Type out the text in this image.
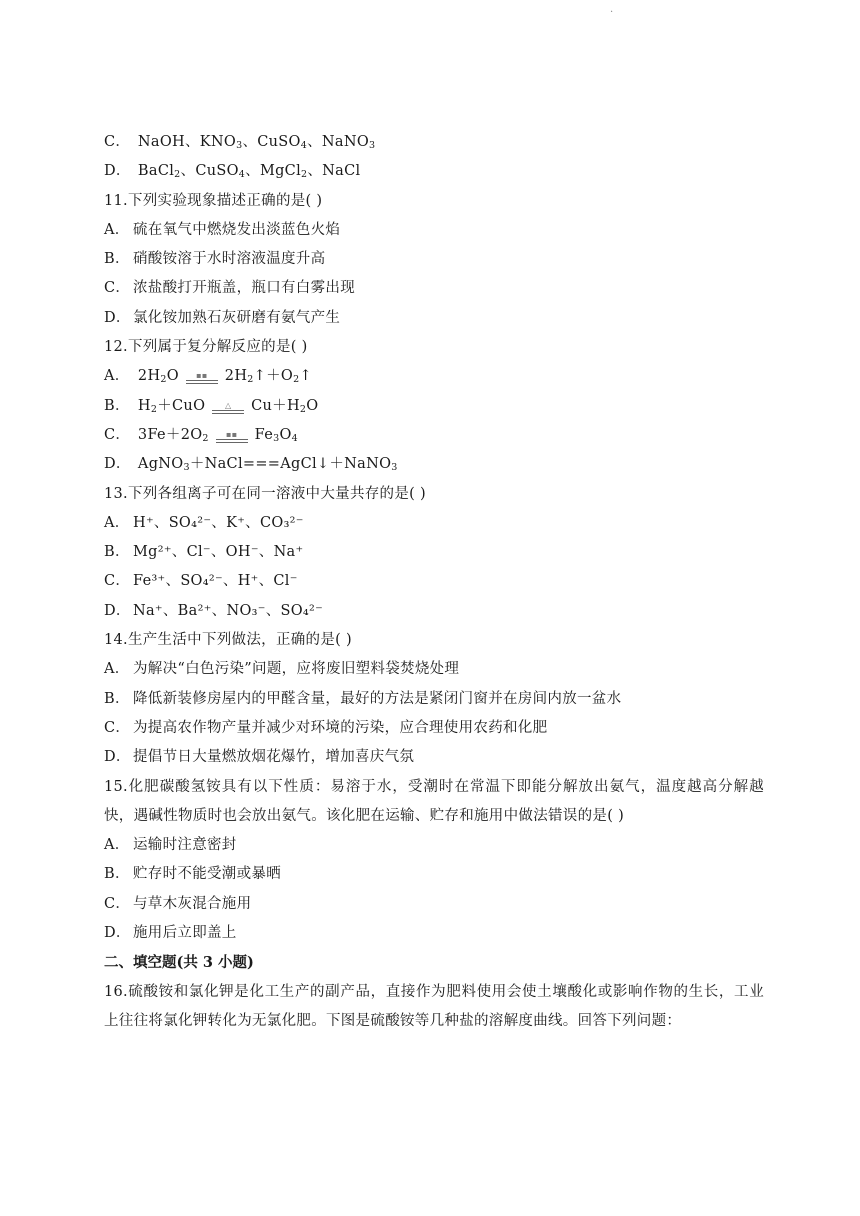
.
C． NaOH、$KNO_3$、CuSO$_4$、NaNO$_3$
D． BaCl$_2$、CuSO$_4$、MgCl$_2$、NaCl
11.下列实验现象描述正确的是( )
A． 硫在氧气中燃烧发出淡蓝色火焰
B． 硝酸铵溶于水时溶液温度升高
C． 浓盐酸打开瓶盖，瓶口有白雾出现
D． 氯化铵加熟石灰研磨有氨气产生
12.下列属于复分解反应的是( )
A． $2H_2O$ ▪▪ $2H_2↑+O_2↑$
B． $H_2+CuO$ △ $Cu+H_2O$
C． $3Fe+2O_2$ ▪▪ $Fe_3O_4$
D． AgNO$_3$＋NaCl===AgCl↓＋NaNO$_3$
13.下列各组离子可在同一溶液中大量共存的是( )
A． H⁺、SO₄²⁻、K⁺、CO₃²⁻
B． Mg²⁺、Cl⁻、OH⁻、Na⁺
C． Fe³⁺、SO₄²⁻、H⁺、Cl⁻
D． Na⁺、Ba²⁺、NO₃⁻、SO₄²⁻
14.生产生活中下列做法，正确的是( )
A． 为解决“白色污染”问题，应将废旧塑料袋焚烧处理
B． 降低新装修房屋内的甲醛含量，最好的方法是紧闭门窗并在房间内放一盆水
C． 为提高农作物产量并减少对环境的污染，应合理使用农药和化肥
D． 提倡节日大量燃放烟花爆竹，增加喜庆气氛
15.化肥碳酸氢铵具有以下性质：易溶于水，受潮时在常温下即能分解放出氨气，温度越高分解越快，遇碱性物质时也会放出氨气。该化肥在运输、贮存和施用中做法错误的是( )
A． 运输时注意密封
B． 贮存时不能受潮或暴晒
C． 与草木灰混合施用
D． 施用后立即盖上
二、填空题(共 3 小题)
16.硫酸铵和氯化钾是化工生产的副产品，直接作为肥料使用会使土壤酸化或影响作物的生长，工业上往往将氯化钾转化为无氯化肥。下图是硫酸铵等几种盐的溶解度曲线。回答下列问题：
